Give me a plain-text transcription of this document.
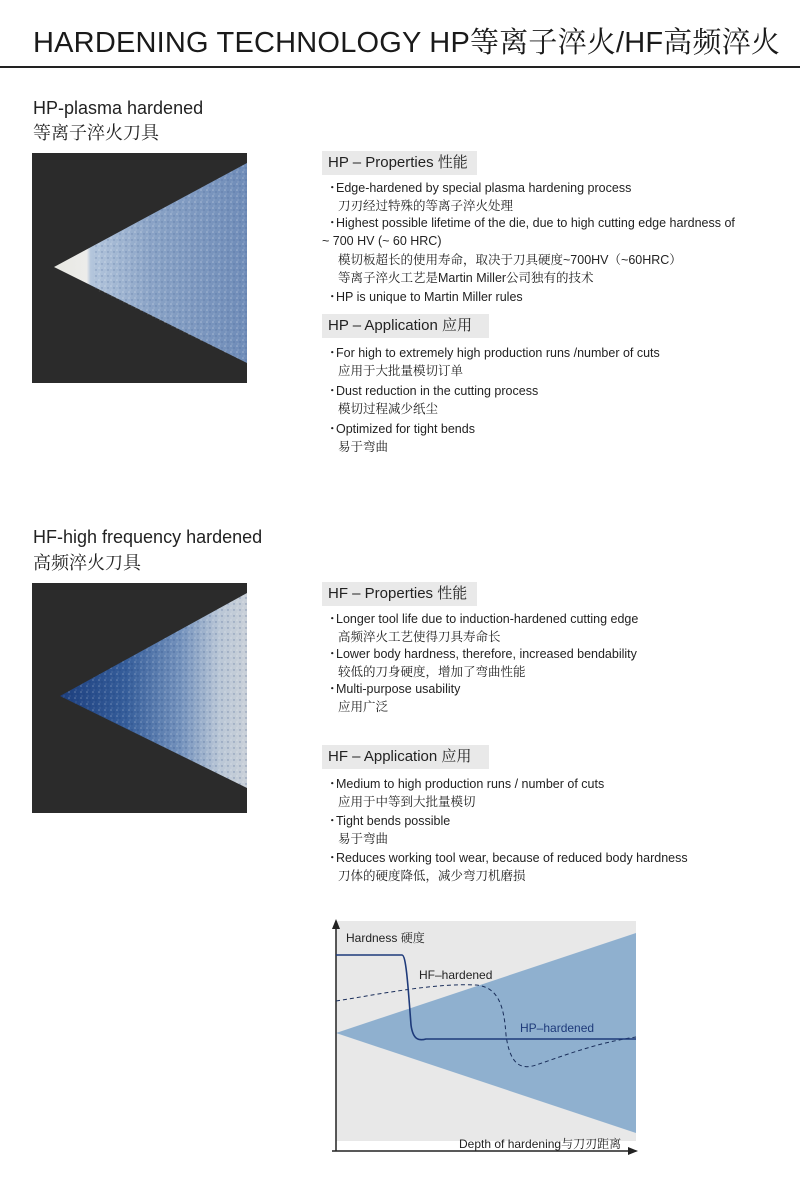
HARDENING TECHNOLOGY HP等离子淬火/HF高频淬火
HP-plasma hardened
等离子淬火刀具
HP – Properties 性能
・ Edge-hardened by special plasma hardening process
刀刃经过特殊的等离子淬火处理
・ Highest possible lifetime of the die, due to high cutting edge hardness of
~ 700 HV (~ 60 HRC)
模切板超长的使用寿命，取决于刀具硬度~700HV（~60HRC）
等离子淬火工艺是Martin Miller公司独有的技术
・ HP is unique to Martin Miller rules
HP – Application 应用
・ For high to extremely high production runs /number of cuts
应用于大批量模切订单
・ Dust reduction in the cutting process
模切过程减少纸尘
・ Optimized for tight bends
易于弯曲
HF-high frequency hardened
高频淬火刀具
HF – Properties 性能
・ Longer tool life due to induction-hardened cutting edge
高频淬火工艺使得刀具寿命长
・ Lower body hardness, therefore, increased bendability
较低的刀身硬度，增加了弯曲性能
・ Multi-purpose usability
应用广泛
HF – Application 应用
・ Medium to high production runs / number of cuts
应用于中等到大批量模切
・ Tight bends possible
易于弯曲
・ Reduces working tool wear, because of reduced body hardness
刀体的硬度降低，减少弯刀机磨损
Hardness 硬度
HF–hardened
HP–hardened
Depth of hardening与刀刃距离
